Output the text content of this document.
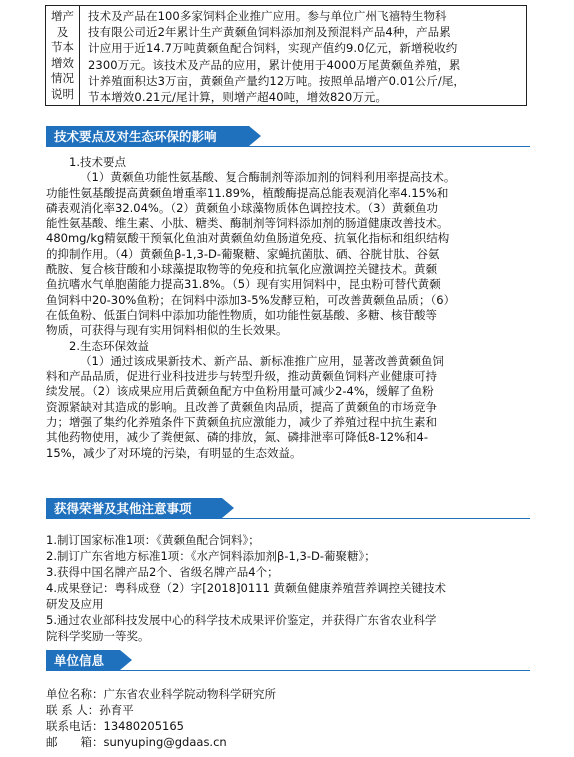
增产
及
节本
增效
情况
说明
技术及产品在100多家饲料企业推广应用。参与单位广州飞禧特生物科
技有限公司近2年累计生产黄颡鱼饲料添加剂及预混料产品4种，产品累
计应用于近14.7万吨黄颡鱼配合饲料，实现产值约9.0亿元，新增税收约
2300万元。该技术及产品的应用，累计使用于4000万尾黄颡鱼养殖，累
计养殖面积达3万亩，黄颡鱼产量约12万吨。按照单品增产0.01公斤/尾，
节本增效0.21元/尾计算，则增产超40吨，增效820万元。
技术要点及对生态环保的影响

1.技术要点

（1）黄颡鱼功能性氨基酸、复合酶制剂等添加剂的饲料利用率提高技术。

功能性氨基酸提高黄颡鱼增重率11.89%，植酸酶提高总能表观消化率4.15%和

磷表观消化率32.04%。（2）黄颡鱼小球藻物质体色调控技术。（3）黄颡鱼功

能性氨基酸、维生素、小肽、糖类、酶制剂等饲料添加剂的肠道健康改善技术。

480mg/kg精氨酸干预氧化鱼油对黄颡鱼幼鱼肠道免疫、抗氧化指标和组织结构

的抑制作用。（4）黄颡鱼β-1,3-D-葡聚糖、家蝇抗菌肽、硒、谷胱甘肽、谷氨

酰胺、复合核苷酸和小球藻提取物等的免疫和抗氧化应激调控关键技术。黄颡

鱼抗嗜水气单胞菌能力提高31.8%。（5）现有实用饲料中，昆虫粉可替代黄颡

鱼饲料中20-30%鱼粉；在饲料中添加3-5%发酵豆粕，可改善黄颡鱼品质；（6）

在低鱼粉、低蛋白饲料中添加功能性物质，如功能性氨基酸、多糖、核苷酸等

物质，可获得与现有实用饲料相似的生长效果。

2.生态环保效益

（1）通过该成果新技术、新产品、新标准推广应用，显著改善黄颡鱼饲

料和产品品质，促进行业科技进步与转型升级，推动黄颡鱼饲料产业健康可持

续发展。（2）该成果应用后黄颡鱼配方中鱼粉用量可减少2-4%，缓解了鱼粉

资源紧缺对其造成的影响。且改善了黄颡鱼肉品质，提高了黄颡鱼的市场竞争

力；增强了集约化养殖条件下黄颡鱼抗应激能力，减少了养殖过程中抗生素和

其他药物使用，减少了粪便氮、磷的排放，氮、磷排泄率可降低8-12%和4-

15%，减少了对环境的污染，有明显的生态效益。

获得荣誉及其他注意事项

1.制订国家标准1项：《黄颡鱼配合饲料》；

2.制订广东省地方标准1项：《水产饲料添加剂β-1,3-D-葡聚糖》；

3.获得中国名牌产品2个、省级名牌产品4个；

4.成果登记：粤科成登（2）字[2018]0111 黄颡鱼健康养殖营养调控关键技术

研发及应用

5.通过农业部科技发展中心的科学技术成果评价鉴定，并获得广东省农业科学

院科学奖励一等奖。

单位信息

单位名称：广东省农业科学院动物科学研究所

联 系 人：孙育平

联系电话：13480205165

邮　　箱：sunyuping@gdaas.cn
